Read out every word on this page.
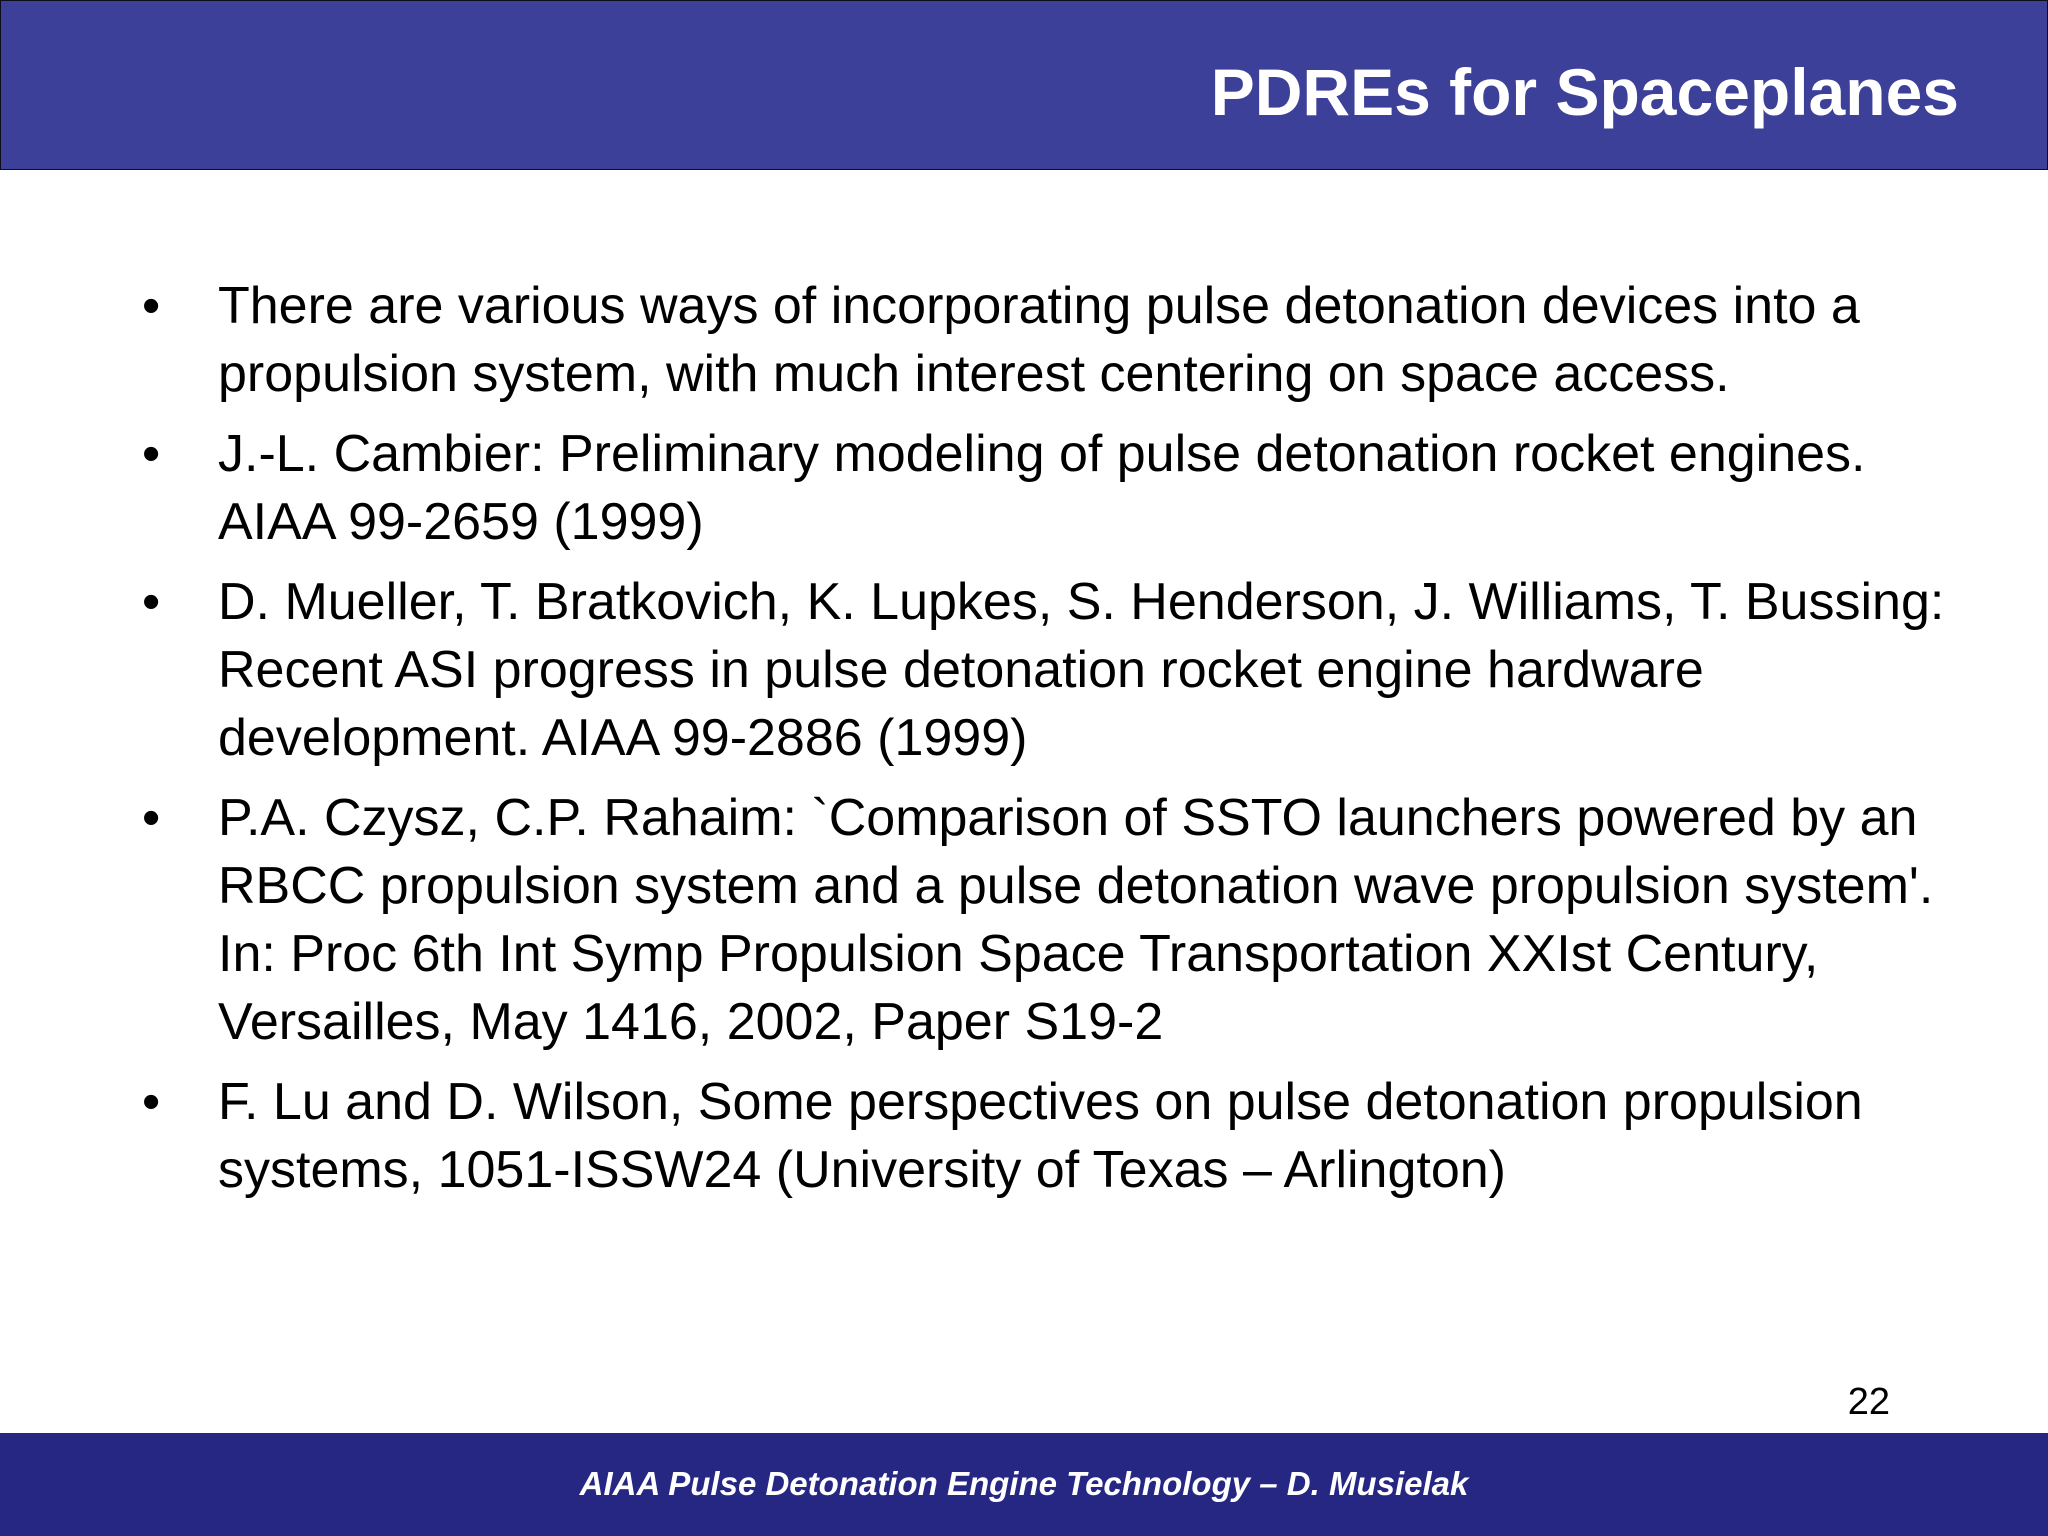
PDREs for Spaceplanes
• There are various ways of incorporating pulse detonation devices into a propulsion system, with much interest centering on space access.
• J.-L. Cambier: Preliminary modeling of pulse detonation rocket engines. AIAA 99-2659 (1999)
• D. Mueller, T. Bratkovich, K. Lupkes, S. Henderson, J. Williams, T. Bussing: Recent ASI progress in pulse detonation rocket engine hardware development. AIAA 99-2886 (1999)
• P.A. Czysz, C.P. Rahaim: `Comparison of SSTO launchers powered by an RBCC propulsion system and a pulse detonation wave propulsion system'. In: Proc 6th Int Symp Propulsion Space Transportation XXIst Century, Versailles, May 1416, 2002, Paper S19-2
• F. Lu and D. Wilson, Some perspectives on pulse detonation propulsion systems, 1051-ISSW24 (University of Texas – Arlington)
22
AIAA Pulse Detonation Engine Technology – D. Musielak
